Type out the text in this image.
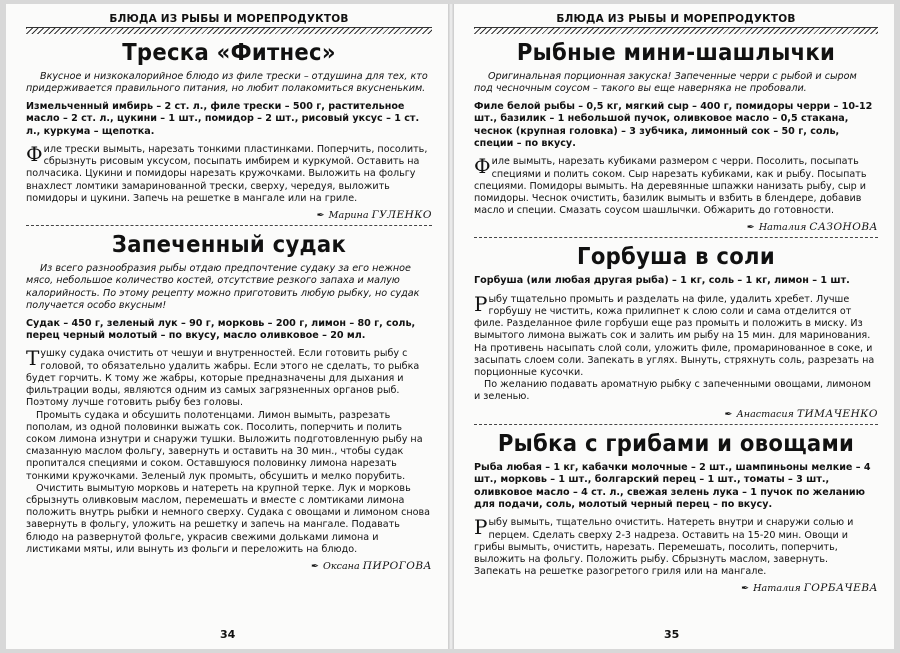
БЛЮДА ИЗ РЫБЫ И МОРЕПРОДУКТОВ
Треска «Фитнес»
Вкусное и низкокалорийное блюдо из филе трески – отдушина для тех, кто придерживается правильного питания, но любит полакомиться вкусненьким.
Измельченный имбирь – 2 ст. л., филе трески – 500 г, растительное масло – 2 ст. л., цукини – 1 шт., помидор – 2 шт., рисовый уксус – 1 ст. л., куркума – щепотка.

Филе трески вымыть, нарезать тонкими пластинками. Поперчить, посолить, сбрызнуть рисовым уксусом, посыпать имбирем и куркумой. Оставить на полчасика. Цукини и помидоры нарезать кружочками. Выложить на фольгу внахлест ломтики замаринованной трески, сверху, чередуя, выложить помидоры и цукини. Запечь на решетке в мангале или на гриле.

✒ Марина ГУЛЕНКО
Запеченный судак
Из всего разнообразия рыбы отдаю предпочтение судаку за его нежное мясо, небольшое количество костей, отсутствие резкого запаха и малую калорийность. По этому рецепту можно приготовить любую рыбку, но судак получается особо вкусным!
Судак – 450 г, зеленый лук – 90 г, морковь – 200 г, лимон – 80 г, соль, перец черный молотый – по вкусу, масло оливковое – 20 мл.

Тушку судака очистить от чешуи и внутренностей. Если готовить рыбу с головой, то обязательно удалить жабры. Если этого не сделать, то рыбка будет горчить. К тому же жабры, которые предназначены для дыхания и фильтрации воды, являются одним из самых загрязненных органов рыб. Поэтому лучше готовить рыбу без головы.

Промыть судака и обсушить полотенцами. Лимон вымыть, разрезать пополам, из одной половинки выжать сок. Посолить, поперчить и полить соком лимона изнутри и снаружи тушки. Выложить подготовленную рыбу на смазанную маслом фольгу, завернуть и оставить на 30 мин., чтобы судак пропитался специями и соком. Оставшуюся половинку лимона нарезать тонкими кружочками. Зеленый лук промыть, обсушить и мелко порубить.

Очистить вымытую морковь и натереть на крупной терке. Лук и морковь сбрызнуть оливковым маслом, перемешать и вместе с ломтиками лимона положить внутрь рыбки и немного сверху. Судака с овощами и лимоном снова завернуть в фольгу, уложить на решетку и запечь на мангале. Подавать блюдо на развернутой фольге, украсив свежими дольками лимона и листиками мяты, или вынуть из фольги и переложить на блюдо.

✒ Оксана ПИРОГОВА
34
БЛЮДА ИЗ РЫБЫ И МОРЕПРОДУКТОВ
Рыбные мини-шашлычки
Оригинальная порционная закуска! Запеченные черри с рыбой и сыром под чесночным соусом – такого вы еще наверняка не пробовали.
Филе белой рыбы – 0,5 кг, мягкий сыр – 400 г, помидоры черри – 10-12 шт., базилик – 1 небольшой пучок, оливковое масло – 0,5 стакана, чеснок (крупная головка) – 3 зубчика, лимонный сок – 50 г, соль, специи – по вкусу.

Филе вымыть, нарезать кубиками размером с черри. Посолить, посыпать специями и полить соком. Сыр нарезать кубиками, как и рыбу. Посыпать специями. Помидоры вымыть. На деревянные шпажки нанизать рыбу, сыр и помидоры. Чеснок очистить, базилик вымыть и взбить в блендере, добавив масло и специи. Смазать соусом шашлычки. Обжарить до готовности.

✒ Наталия САЗОНОВА
Горбуша в соли
Горбуша (или любая другая рыба) – 1 кг, соль – 1 кг, лимон – 1 шт.

Рыбу тщательно промыть и разделать на филе, удалить хребет. Лучше горбушу не чистить, кожа прилипнет к слою соли и сама отделится от филе. Разделанное филе горбуши еще раз промыть и положить в миску. Из вымытого лимона выжать сок и залить им рыбу на 15 мин. для маринования. На противень насыпать слой соли, уложить филе, промаринованное в соке, и засыпать слоем соли. Запекать в углях. Вынуть, стряхнуть соль, разрезать на порционные кусочки.

По желанию подавать ароматную рыбку с запеченными овощами, лимоном и зеленью.

✒ Анастасия ТИМАЧЕНКО
Рыбка с грибами и овощами
Рыба любая – 1 кг, кабачки молочные – 2 шт., шампиньоны мелкие – 4 шт., морковь – 1 шт., болгарский перец – 1 шт., томаты – 3 шт., оливковое масло – 4 ст. л., свежая зелень лука – 1 пучок по желанию для подачи, соль, молотый черный перец – по вкусу.

Рыбу вымыть, тщательно очистить. Натереть внутри и снаружи солью и перцем. Сделать сверху 2-3 надреза. Оставить на 15-20 мин. Овощи и грибы вымыть, очистить, нарезать. Перемешать, посолить, поперчить, выложить на фольгу. Положить рыбу. Сбрызнуть маслом, завернуть. Запекать на решетке разогретого гриля или на мангале.

✒ Наталия ГОРБАЧЕВА
35
